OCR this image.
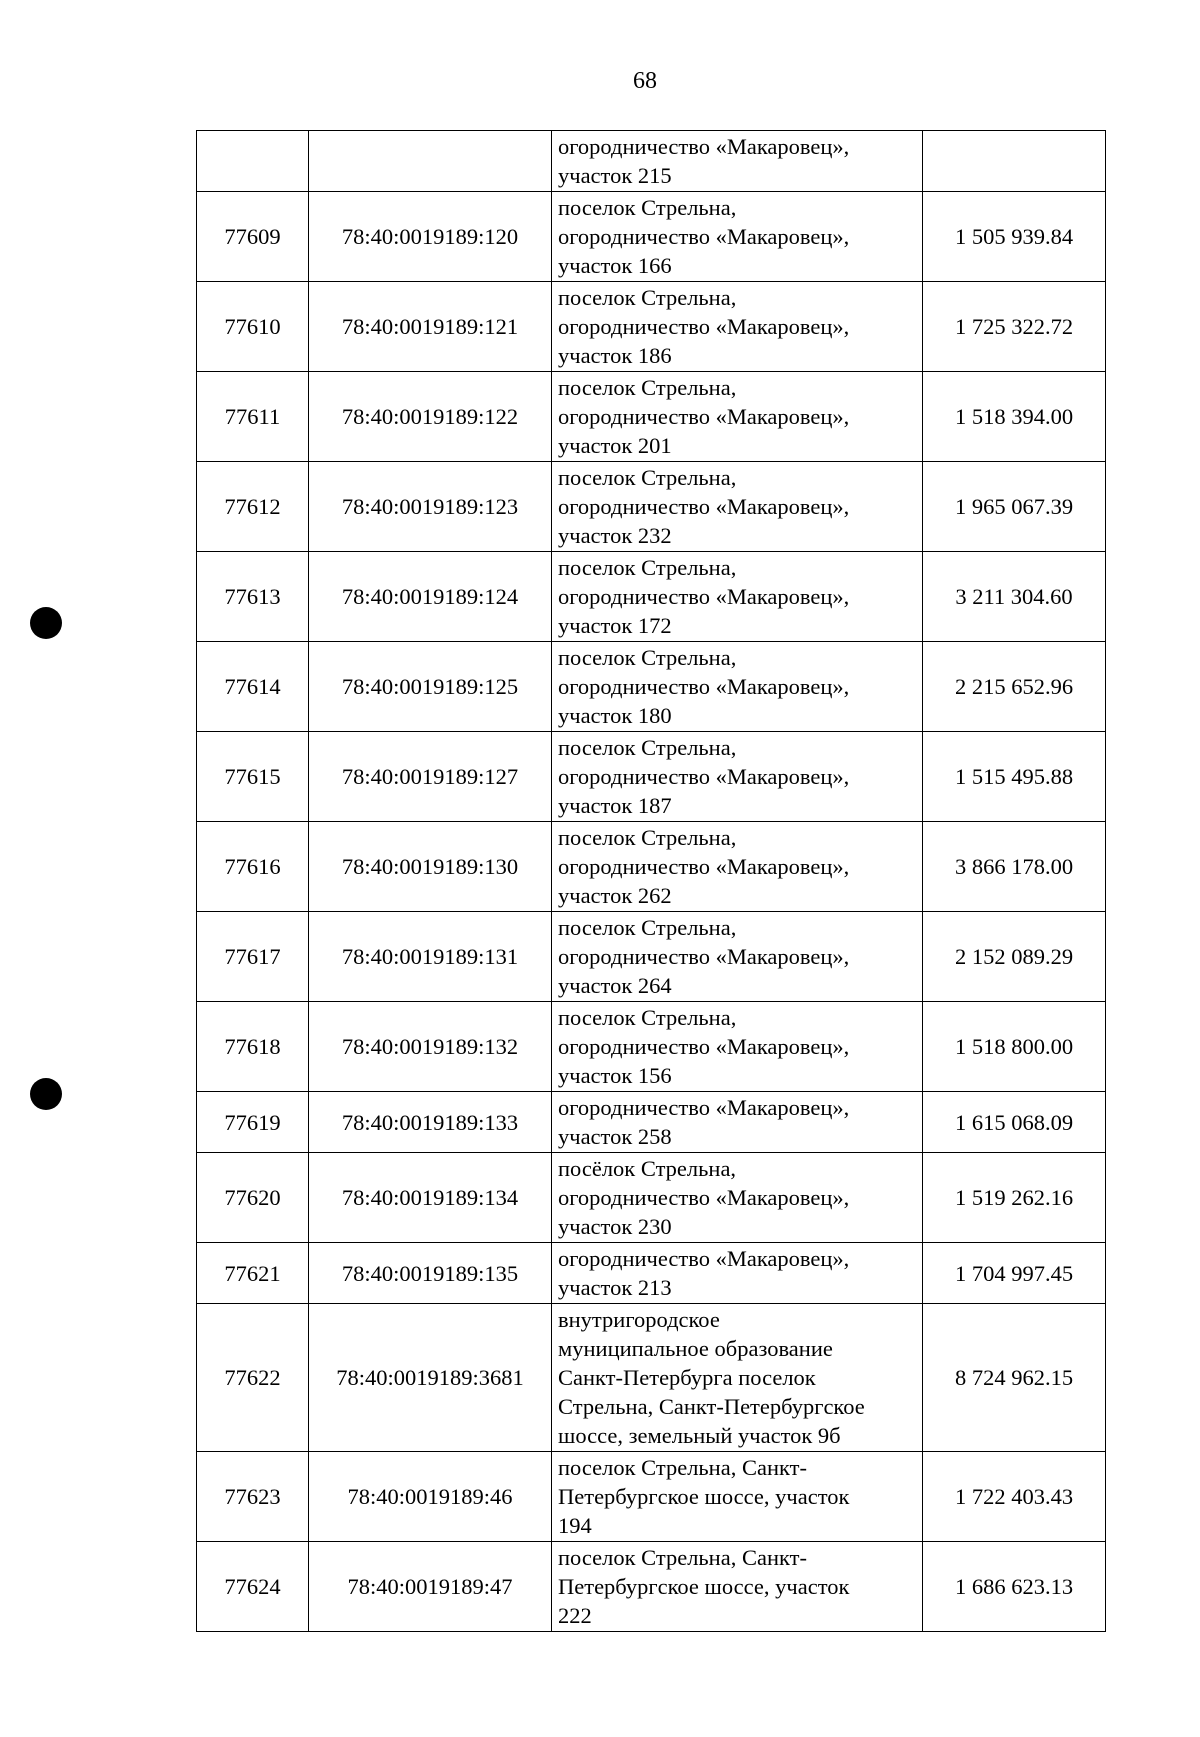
68
		огородничество «Макаровец»,
участок 215	
77609	78:40:0019189:120	поселок Стрельна,
огородничество «Макаровец»,
участок 166	1 505 939.84
77610	78:40:0019189:121	поселок Стрельна,
огородничество «Макаровец»,
участок 186	1 725 322.72
77611	78:40:0019189:122	поселок Стрельна,
огородничество «Макаровец»,
участок 201	1 518 394.00
77612	78:40:0019189:123	поселок Стрельна,
огородничество «Макаровец»,
участок 232	1 965 067.39
77613	78:40:0019189:124	поселок Стрельна,
огородничество «Макаровец»,
участок 172	3 211 304.60
77614	78:40:0019189:125	поселок Стрельна,
огородничество «Макаровец»,
участок 180	2 215 652.96
77615	78:40:0019189:127	поселок Стрельна,
огородничество «Макаровец»,
участок 187	1 515 495.88
77616	78:40:0019189:130	поселок Стрельна,
огородничество «Макаровец»,
участок 262	3 866 178.00
77617	78:40:0019189:131	поселок Стрельна,
огородничество «Макаровец»,
участок 264	2 152 089.29
77618	78:40:0019189:132	поселок Стрельна,
огородничество «Макаровец»,
участок 156	1 518 800.00
77619	78:40:0019189:133	огородничество «Макаровец»,
участок 258	1 615 068.09
77620	78:40:0019189:134	посёлок Стрельна,
огородничество «Макаровец»,
участок 230	1 519 262.16
77621	78:40:0019189:135	огородничество «Макаровец»,
участок 213	1 704 997.45
77622	78:40:0019189:3681	внутригородское
муниципальное образование
Санкт-Петербурга поселок
Стрельна, Санкт-Петербургское
шоссе, земельный участок 9б	8 724 962.15
77623	78:40:0019189:46	поселок Стрельна, Санкт-
Петербургское шоссе, участок
194	1 722 403.43
77624	78:40:0019189:47	поселок Стрельна, Санкт-
Петербургское шоссе, участок
222	1 686 623.13
